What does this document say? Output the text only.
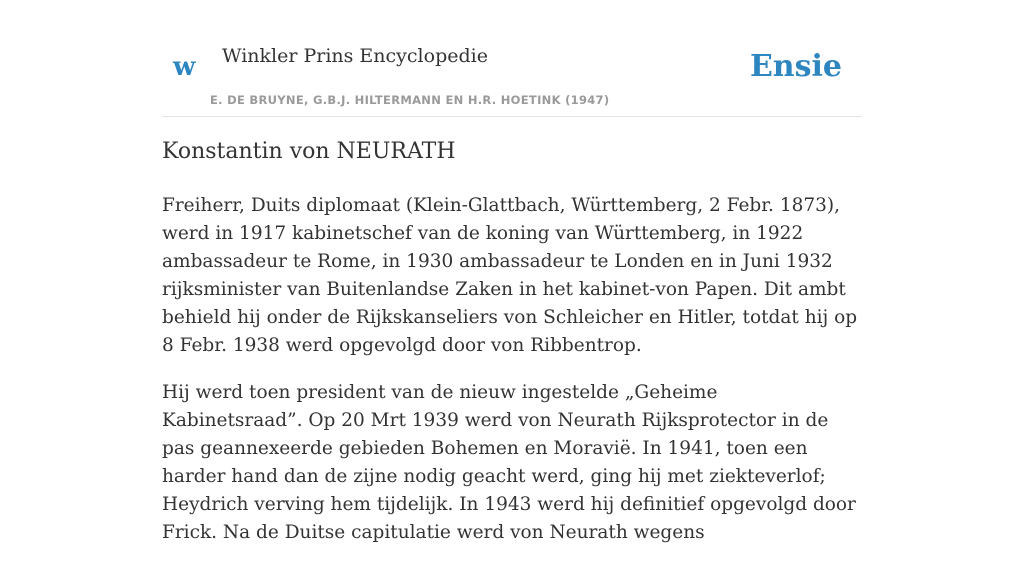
w Winkler Prins Encyclopedie
E. DE BRUYNE, G.B.J. HILTERMANN EN H.R. HOETINK (1947)
Ensie
Konstantin von NEURATH

Freiherr, Duits diplomaat (Klein-Glattbach, Württemberg, 2 Febr. 1873), werd in 1917 kabinetschef van de koning van Württemberg, in 1922 ambassadeur te Rome, in 1930 ambassadeur te Londen en in Juni 1932 rijksminister van Buitenlandse Zaken in het kabinet-von Papen. Dit ambt behield hij onder de Rijkskanseliers von Schleicher en Hitler, totdat hij op 8 Febr. 1938 werd opgevolgd door von Ribbentrop.

Hij werd toen president van de nieuw ingestelde „Geheime Kabinetsraad”. Op 20 Mrt 1939 werd von Neurath Rijksprotector in de pas geannexeerde gebieden Bohemen en Moravië. In 1941, toen een harder hand dan de zijne nodig geacht werd, ging hij met ziekteverlof; Heydrich verving hem tijdelijk. In 1943 werd hij definitief opgevolgd door Frick. Na de Duitse capitulatie werd von Neurath wegens
